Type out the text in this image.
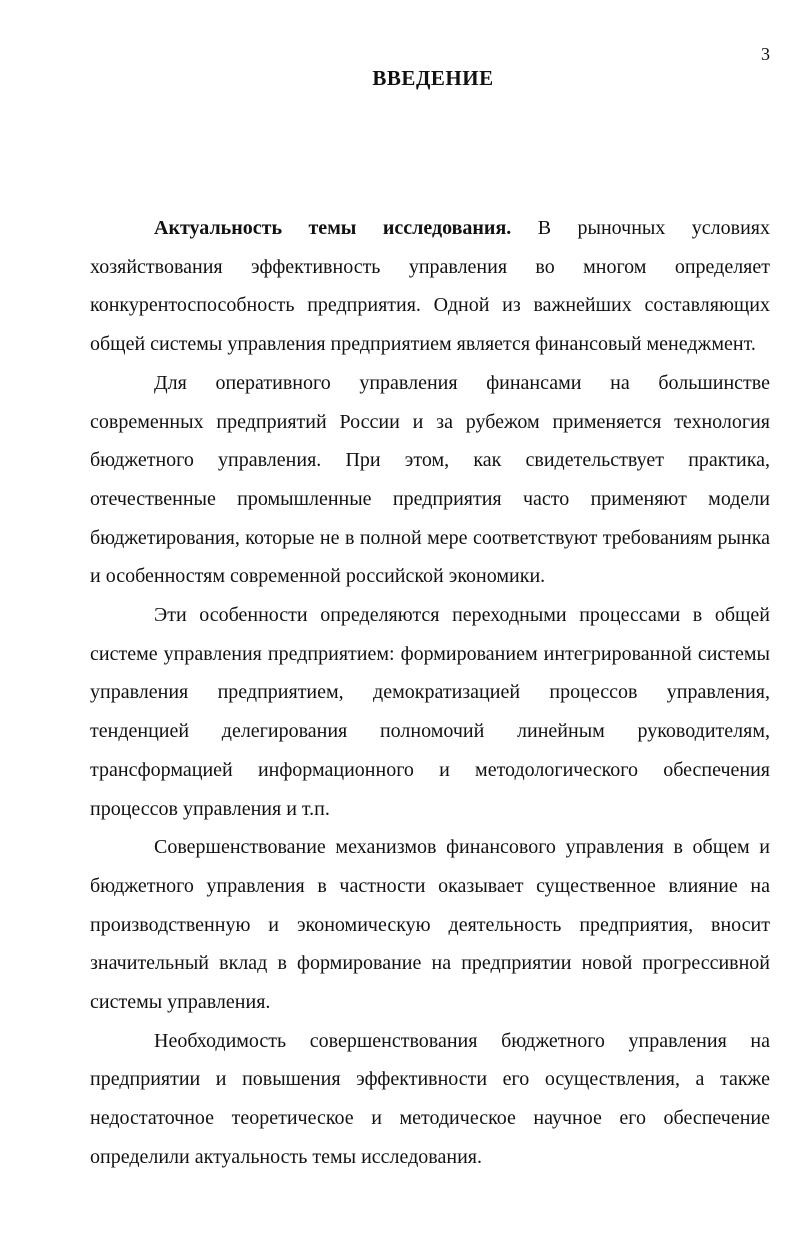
3
ВВЕДЕНИЕ

Актуальность темы исследования. В рыночных условиях хозяйствования эффективность управления во многом определяет конкурентоспособность предприятия. Одной из важнейших составляющих общей системы управления предприятием является финансовый менеджмент.

Для оперативного управления финансами на большинстве современных предприятий России и за рубежом применяется технология бюджетного управления. При этом, как свидетельствует практика, отечественные промышленные предприятия часто применяют модели бюджетирования, которые не в полной мере соответствуют требованиям рынка и особенностям современной российской экономики.

Эти особенности определяются переходными процессами в общей системе управления предприятием: формированием интегрированной системы управления предприятием, демократизацией процессов управления, тенденцией делегирования полномочий линейным руководителям, трансформацией информационного и методологического обеспечения процессов управления и т.п.

Совершенствование механизмов финансового управления в общем и бюджетного управления в частности оказывает существенное влияние на производственную и экономическую деятельность предприятия, вносит значительный вклад в формирование на предприятии новой прогрессивной системы управления.

Необходимость совершенствования бюджетного управления на предприятии и повышения эффективности его осуществления, а также недостаточное теоретическое и методическое научное его обеспечение определили актуальность темы исследования.
